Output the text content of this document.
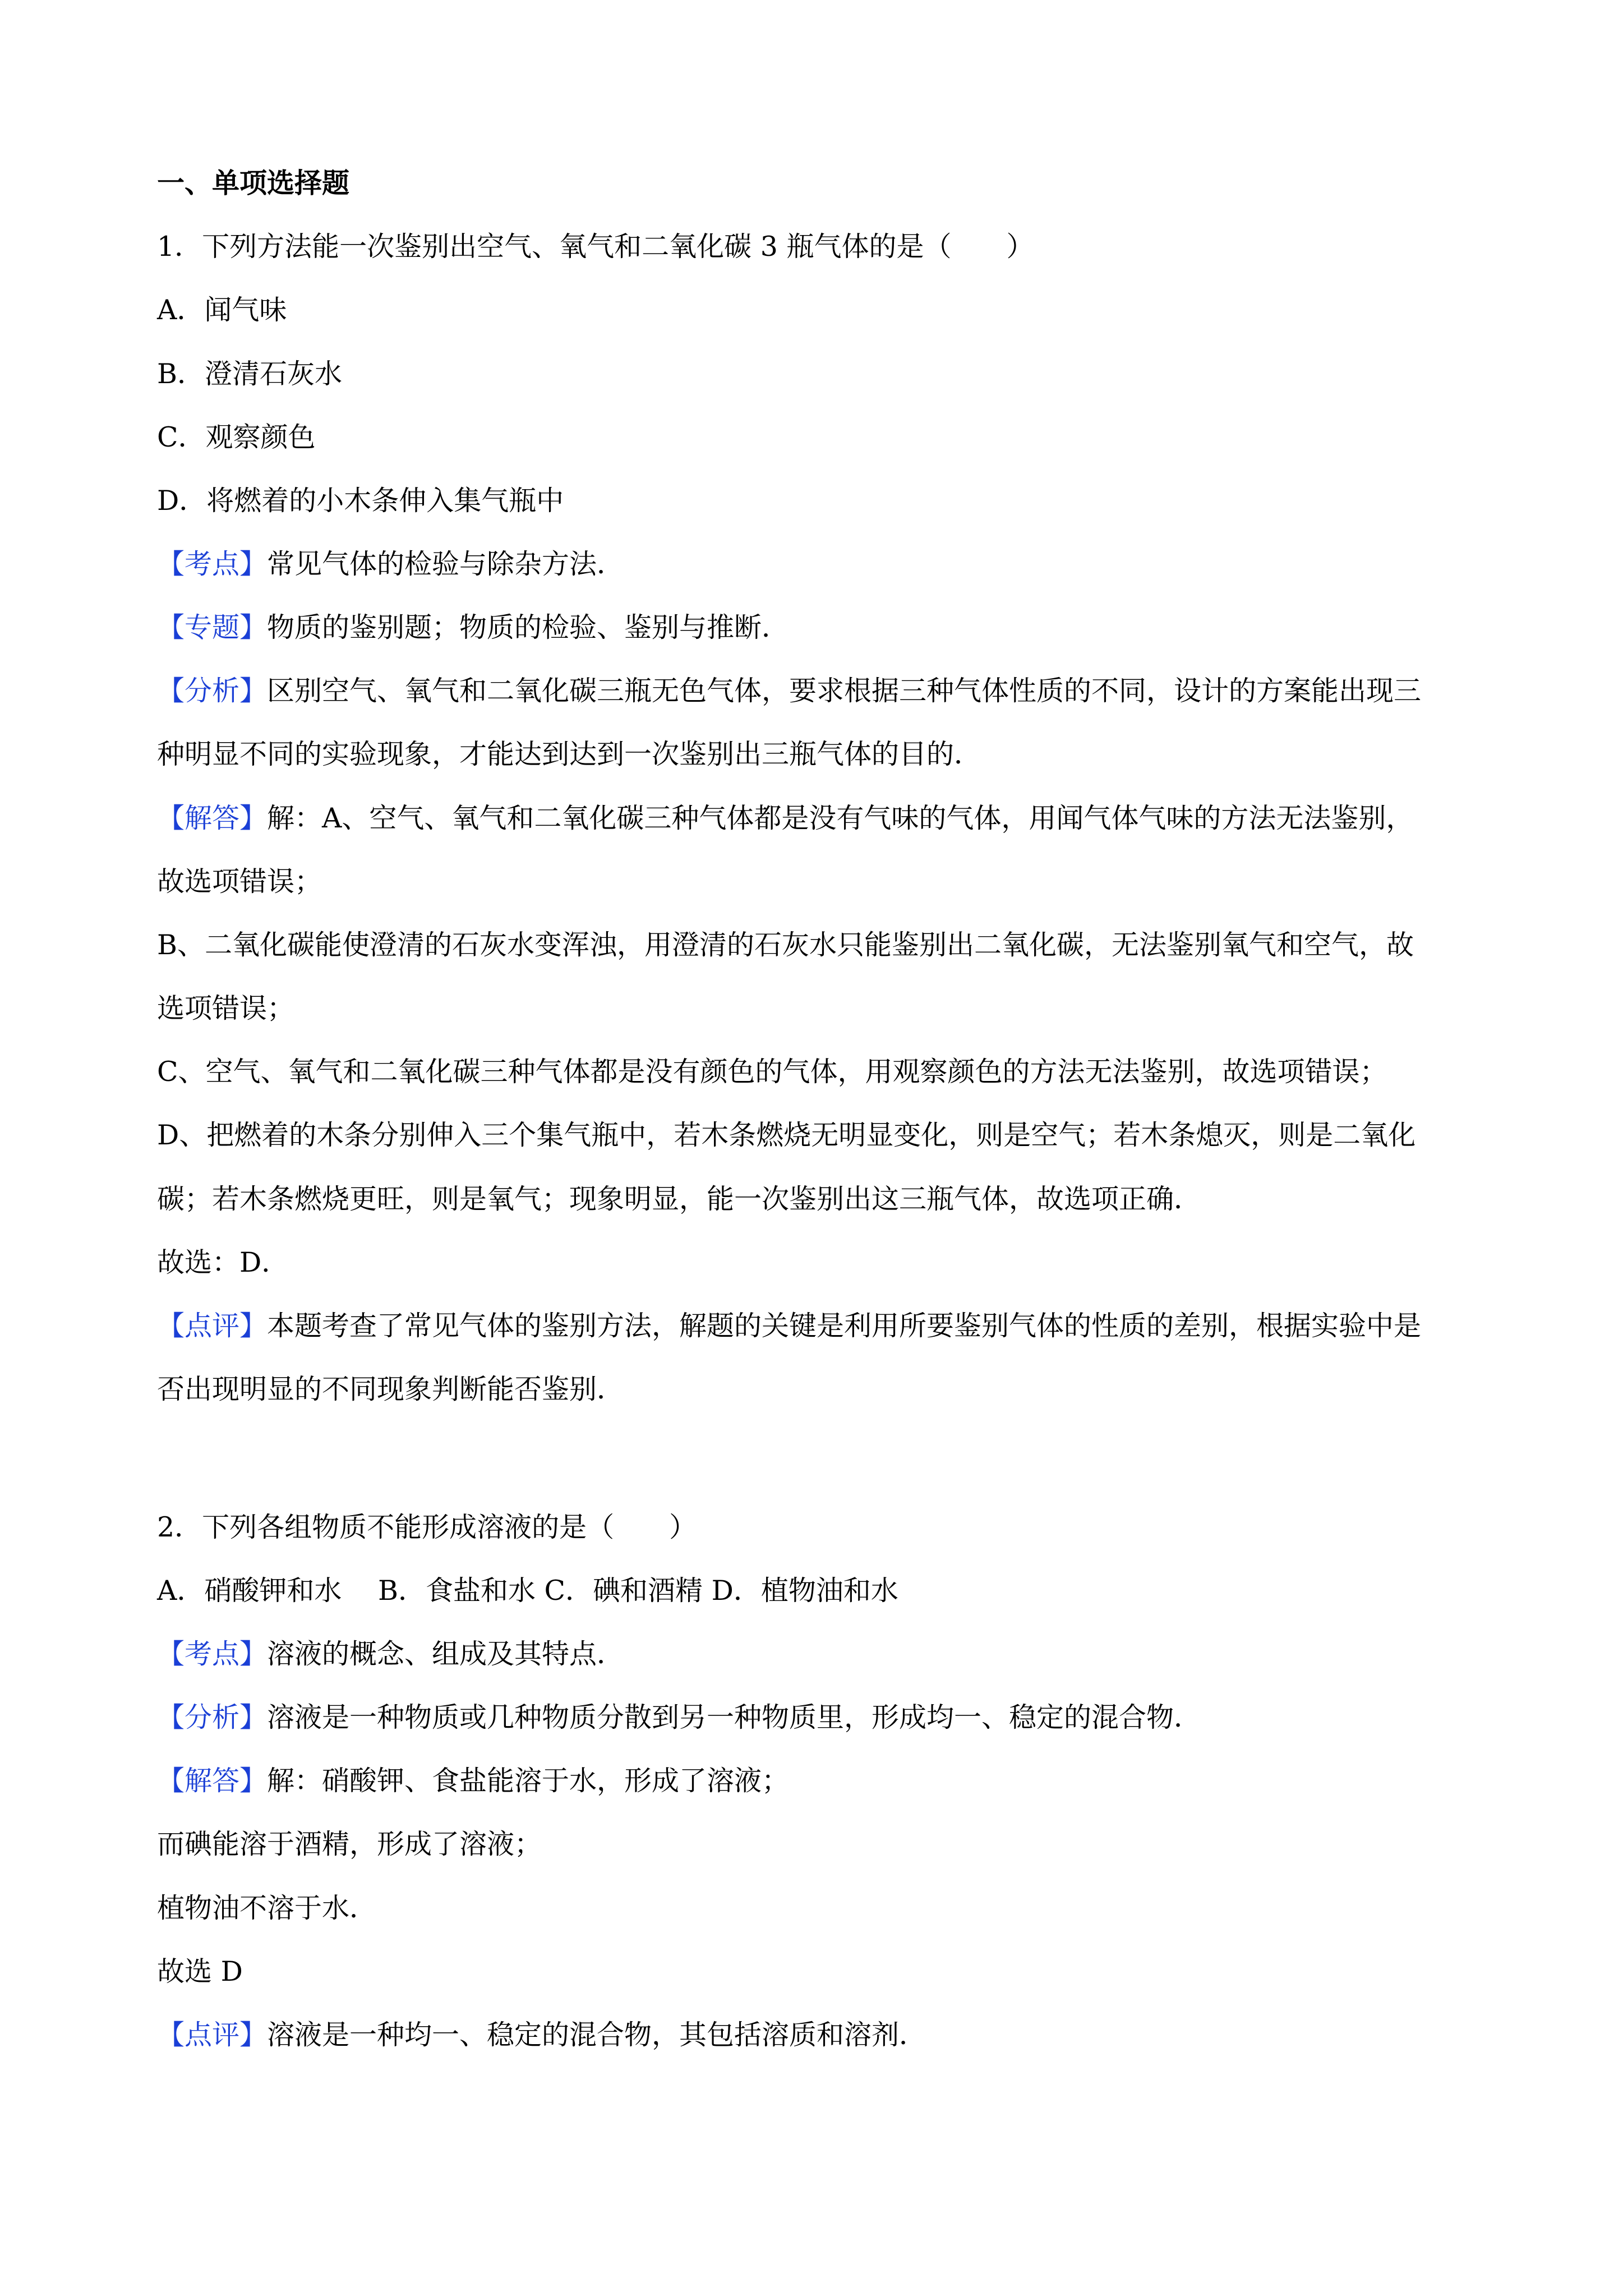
一、单项选择题
1．下列方法能一次鉴别出空气、氧气和二氧化碳 3 瓶气体的是（　　）
A．闻气味
B．澄清石灰水
C．观察颜色
D．将燃着的小木条伸入集气瓶中
【考点】常见气体的检验与除杂方法．
【专题】物质的鉴别题；物质的检验、鉴别与推断．
【分析】区别空气、氧气和二氧化碳三瓶无色气体，要求根据三种气体性质的不同，设计的方案能出现三
种明显不同的实验现象，才能达到达到一次鉴别出三瓶气体的目的．
【解答】解：A、空气、氧气和二氧化碳三种气体都是没有气味的气体，用闻气体气味的方法无法鉴别，
故选项错误；
B、二氧化碳能使澄清的石灰水变浑浊，用澄清的石灰水只能鉴别出二氧化碳，无法鉴别氧气和空气，故
选项错误；
C、空气、氧气和二氧化碳三种气体都是没有颜色的气体，用观察颜色的方法无法鉴别，故选项错误；
D、把燃着的木条分别伸入三个集气瓶中，若木条燃烧无明显变化，则是空气；若木条熄灭，则是二氧化
碳；若木条燃烧更旺，则是氧气；现象明显，能一次鉴别出这三瓶气体，故选项正确．
故选：D．
【点评】本题考查了常见气体的鉴别方法，解题的关键是利用所要鉴别气体的性质的差别，根据实验中是
否出现明显的不同现象判断能否鉴别．
2．下列各组物质不能形成溶液的是（　　）
A．硝酸钾和水　 B．食盐和水 C．碘和酒精 D．植物油和水
【考点】溶液的概念、组成及其特点．
【分析】溶液是一种物质或几种物质分散到另一种物质里，形成均一、稳定的混合物．
【解答】解：硝酸钾、食盐能溶于水，形成了溶液；
而碘能溶于酒精，形成了溶液；
植物油不溶于水．
故选 D
【点评】溶液是一种均一、稳定的混合物，其包括溶质和溶剂．
